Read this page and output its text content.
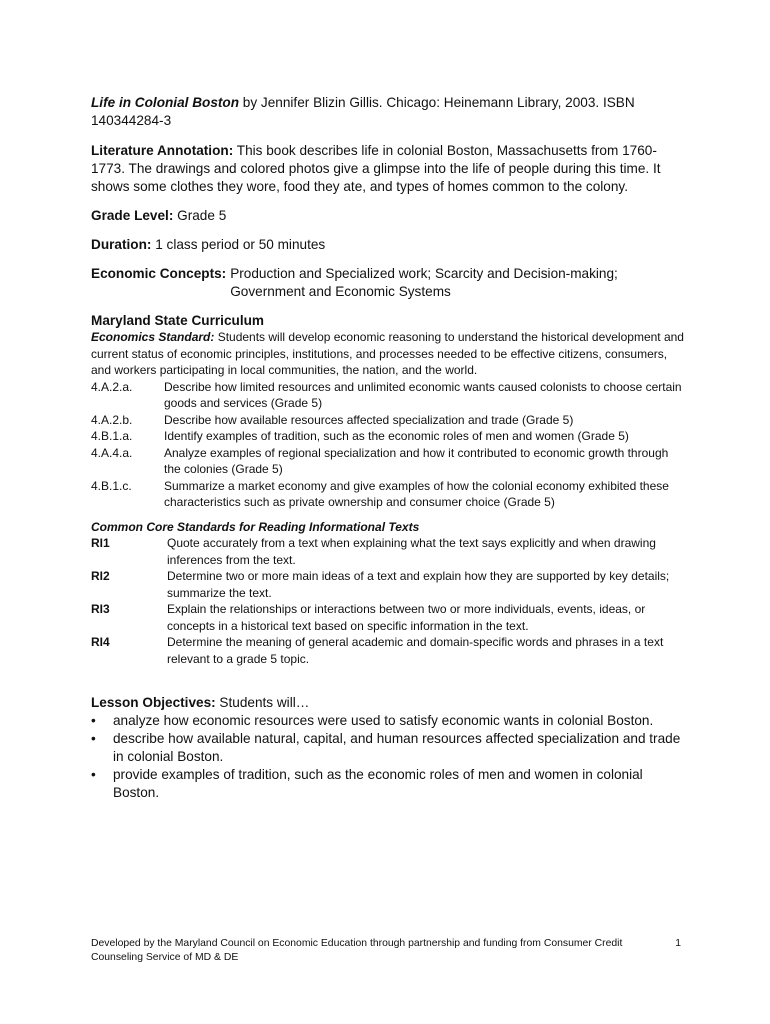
Life in Colonial Boston by Jennifer Blizin Gillis. Chicago: Heinemann Library, 2003. ISBN 140344284-3

Literature Annotation: This book describes life in colonial Boston, Massachusetts from 1760-1773. The drawings and colored photos give a glimpse into the life of people during this time. It shows some clothes they wore, food they ate, and types of homes common to the colony.

Grade Level: Grade 5

Duration: 1 class period or 50 minutes

Economic Concepts: Production and Specialized work; Scarcity and Decision-making; Government and Economic Systems
Maryland State Curriculum

Economics Standard: Students will develop economic reasoning to understand the historical development and current status of economic principles, institutions, and processes needed to be effective citizens, consumers, and workers participating in local communities, the nation, and the world.

4.A.2.a.	Describe how limited resources and unlimited economic wants caused colonists to choose certain goods and services (Grade 5)
4.A.2.b.	Describe how available resources affected specialization and trade (Grade 5)
4.B.1.a.	Identify examples of tradition, such as the economic roles of men and women (Grade 5)
4.A.4.a.	Analyze examples of regional specialization and how it contributed to economic growth through the colonies (Grade 5)
4.B.1.c.	Summarize a market economy and give examples of how the colonial economy exhibited these characteristics such as private ownership and consumer choice (Grade 5)
Common Core Standards for Reading Informational Texts
RI1	Quote accurately from a text when explaining what the text says explicitly and when drawing inferences from the text.
RI2	Determine two or more main ideas of a text and explain how they are supported by key details; summarize the text.
RI3	Explain the relationships or interactions between two or more individuals, events, ideas, or concepts in a historical text based on specific information in the text.
RI4	Determine the meaning of general academic and domain-specific words and phrases in a text relevant to a grade 5 topic.

Lesson Objectives: Students will…

•	analyze how economic resources were used to satisfy economic wants in colonial Boston.
•	describe how available natural, capital, and human resources affected specialization and trade in colonial Boston.
•	provide examples of tradition, such as the economic roles of men and women in colonial Boston.
Developed by the Maryland Council on Economic Education through partnership and funding from Consumer Credit Counseling Service of MD & DE
1
